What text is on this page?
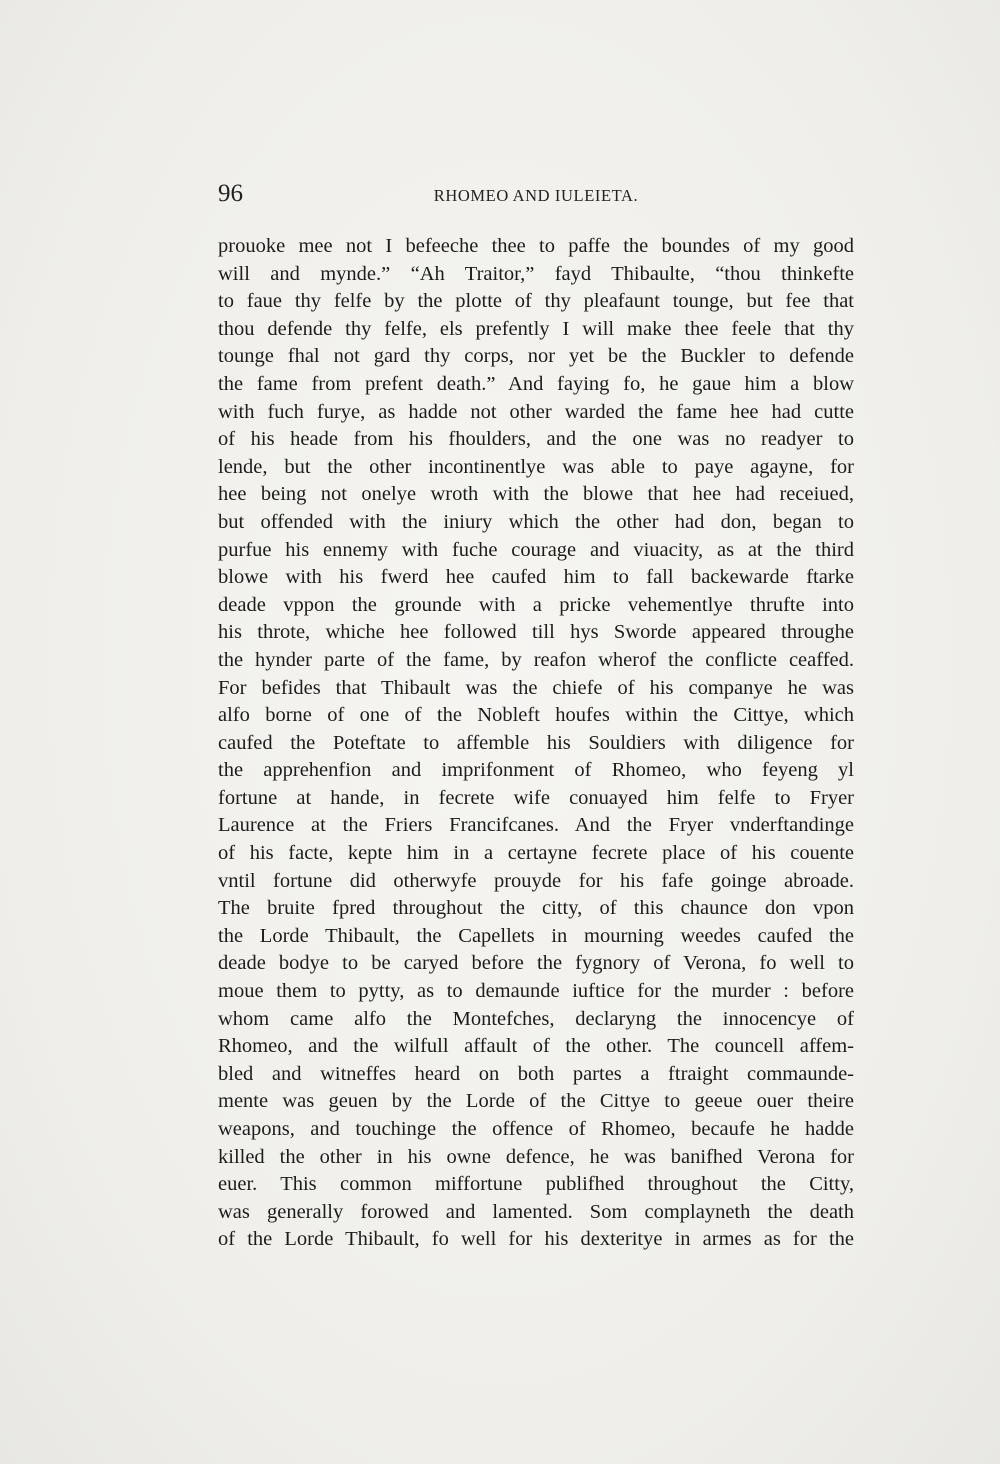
96	RHOMEO AND IULEIETA.
prouoke mee not I befeeche thee to paffe the boundes of my good
will and mynde.” “Ah Traitor,” fayd Thibaulte, “thou thinkefte
to faue thy felfe by the plotte of thy pleafaunt tounge, but fee that
thou defende thy felfe, els prefently I will make thee feele that thy
tounge fhal not gard thy corps, nor yet be the Buckler to defende
the fame from prefent death.” And faying fo, he gaue him a blow
with fuch furye, as hadde not other warded the fame hee had cutte
of his heade from his fhoulders, and the one was no readyer to
lende, but the other incontinentlye was able to paye agayne, for
hee being not onelye wroth with the blowe that hee had receiued,
but offended with the iniury which the other had don, began to
purfue his ennemy with fuche courage and viuacity, as at the third
blowe with his fwerd hee caufed him to fall backewarde ftarke
deade vppon the grounde with a pricke vehementlye thrufte into
his throte, whiche hee followed till hys Sworde appeared throughe
the hynder parte of the fame, by reafon wherof the conflicte ceaffed.
For befides that Thibault was the chiefe of his companye he was
alfo borne of one of the Nobleft houfes within the Cittye, which
caufed the Poteftate to affemble his Souldiers with diligence for
the apprehenfion and imprifonment of Rhomeo, who feyeng yl
fortune at hande, in fecrete wife conuayed him felfe to Fryer
Laurence at the Friers Francifcanes. And the Fryer vnderftandinge
of his facte, kepte him in a certayne fecrete place of his couente
vntil fortune did otherwyfe prouyde for his fafe goinge abroade.
The bruite fpred throughout the citty, of this chaunce don vpon
the Lorde Thibault, the Capellets in mourning weedes caufed the
deade bodye to be caryed before the fygnory of Verona, fo well to
moue them to pytty, as to demaunde iuftice for the murder : before
whom came alfo the Montefches, declaryng the innocencye of
Rhomeo, and the wilfull affault of the other. The councell affem-
bled and witneffes heard on both partes a ftraight commaunde-
mente was geuen by the Lorde of the Cittye to geeue ouer theire
weapons, and touchinge the offence of Rhomeo, becaufe he hadde
killed the other in his owne defence, he was banifhed Verona for
euer. This common miffortune publifhed throughout the Citty,
was generally forowed and lamented. Som complayneth the death
of the Lorde Thibault, fo well for his dexteritye in armes as for the
